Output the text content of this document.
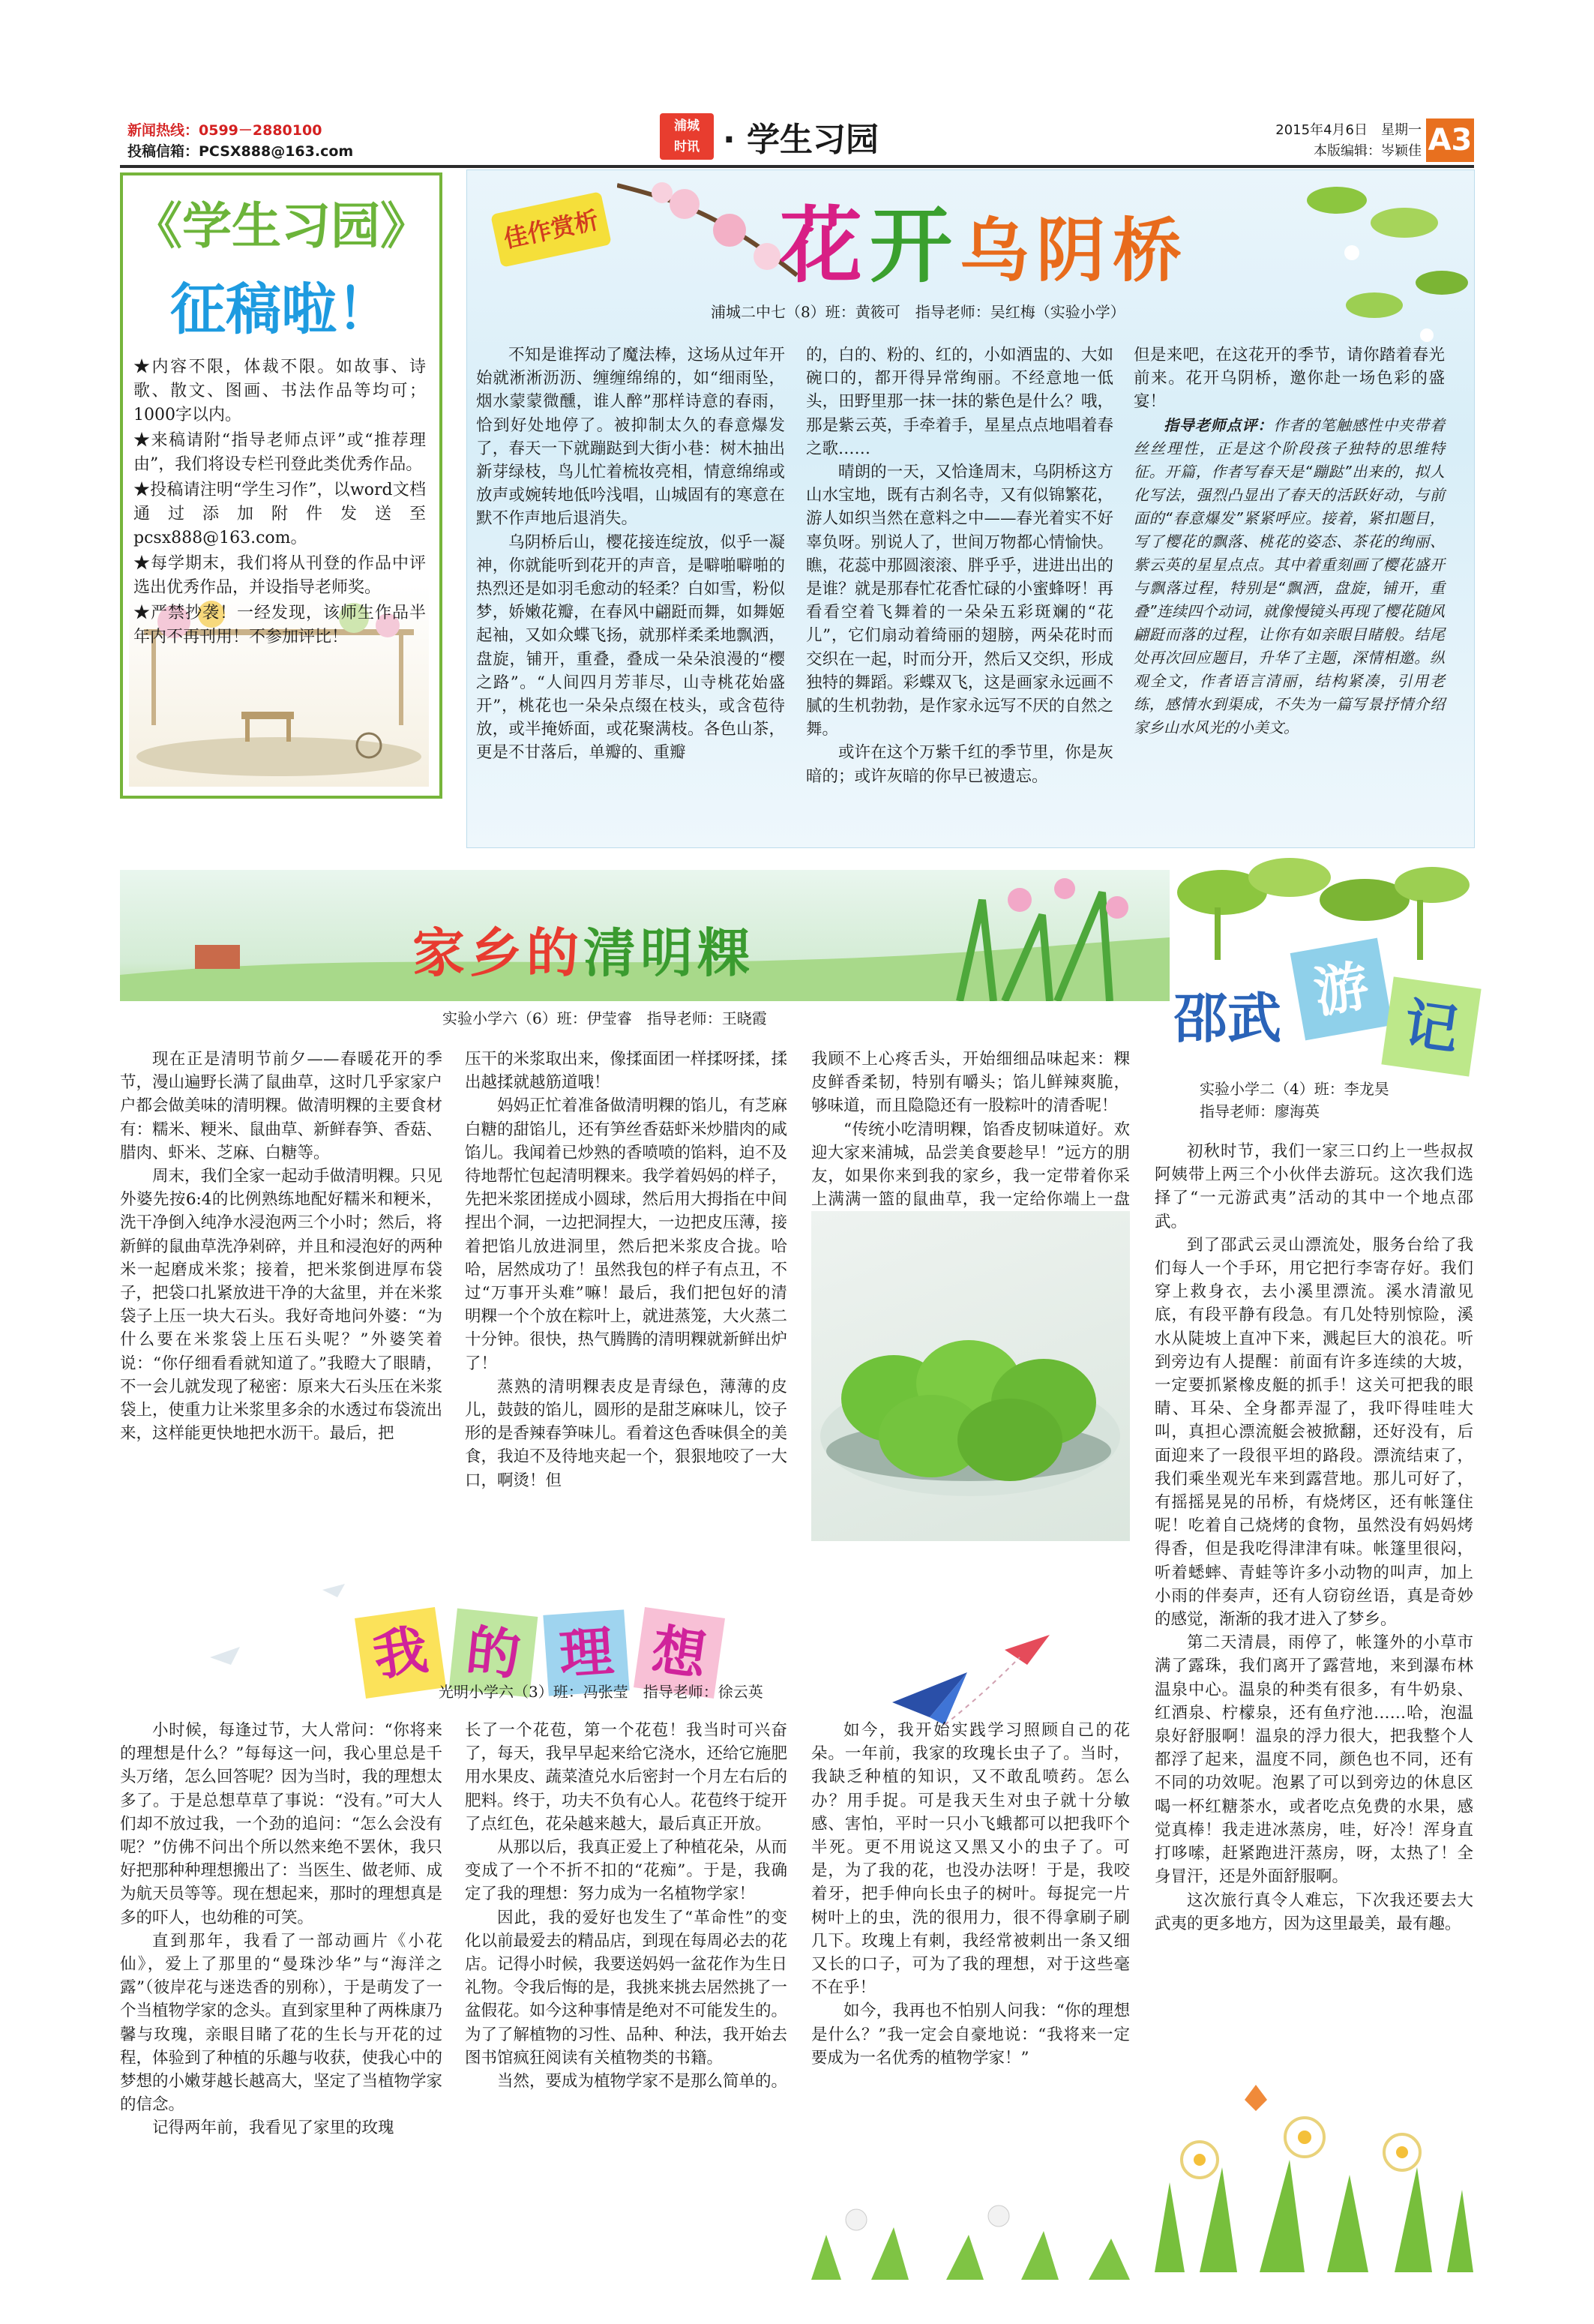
新闻热线：0599－2880100
投稿信箱：PCSX888@163.com
浦城
时讯 · 学生习园	2015年4月6日　星期一
本版编辑：岑颖佳 A3
《学生习园》
征稿啦！

★内容不限，体裁不限。如故事、诗歌、散文、图画、书法作品等均可；1000字以内。

★来稿请附“指导老师点评”或“推荐理由”，我们将设专栏刊登此类优秀作品。

★投稿请注明“学生习作”，以word文档通过添加附件发送至pcsx888@163.com。

★每学期末，我们将从刊登的作品中评选出优秀作品，并设指导老师奖。

★严禁抄袭！一经发现，该师生作品半年内不再刊用！不参加评比！

佳作赏析 花开乌阴桥
浦城二中七（8）班：黄筱可　指导老师：吴红梅（实验小学）

不知是谁挥动了魔法棒，这场从过年开始就淅淅沥沥、缠缠绵绵的，如“细雨坠，烟水蒙蒙微醺，谁人醉”那样诗意的春雨，恰到好处地停了。被抑制太久的春意爆发了，春天一下就蹦跶到大街小巷：树木抽出新芽绿枝，鸟儿忙着梳妆亮相，情意绵绵或放声或婉转地低吟浅唱，山城固有的寒意在默不作声地后退消失。

乌阴桥后山，樱花接连绽放，似乎一凝神，你就能听到花开的声音，是噼啪噼啪的热烈还是如羽毛愈动的轻柔？白如雪，粉似梦，娇嫩花瓣，在春风中翩跹而舞，如舞姬起袖，又如众蝶飞扬，就那样柔柔地飘洒，盘旋，铺开，重叠，叠成一朵朵浪漫的“樱之路”。“人间四月芳菲尽，山寺桃花始盛开”，桃花也一朵朵点缀在枝头，或含苞待放，或半掩娇面，或花聚满枝。各色山茶，更是不甘落后，单瓣的、重瓣

的，白的、粉的、红的，小如酒盅的、大如碗口的，都开得异常绚丽。不经意地一低头，田野里那一抹一抹的紫色是什么？哦，那是紫云英，手牵着手，星星点点地唱着春之歌……

晴朗的一天，又恰逢周末，乌阴桥这方山水宝地，既有古刹名寺，又有似锦繁花，游人如织当然在意料之中——春光着实不好辜负呀。别说人了，世间万物都心情愉快。瞧，花蕊中那圆滚滚、胖乎乎，进进出出的是谁？就是那春忙花香忙碌的小蜜蜂呀！再看看空着飞舞着的一朵朵五彩斑斓的“花儿”，它们扇动着绮丽的翅膀，两朵花时而交织在一起，时而分开，然后又交织，形成独特的舞蹈。彩蝶双飞，这是画家永远画不腻的生机勃勃，是作家永远写不厌的自然之舞。

或许在这个万紫千红的季节里，你是灰暗的；或许灰暗的你早已被遗忘。

但是来吧，在这花开的季节，请你踏着春光前来。花开乌阴桥，邀你赴一场色彩的盛宴！

指导老师点评：作者的笔触感性中夹带着丝丝理性，正是这个阶段孩子独特的思维特征。开篇，作者写春天是“蹦跶”出来的，拟人化写法，强烈凸显出了春天的活跃好动，与前面的“春意爆发”紧紧呼应。接着，紧扣题目，写了樱花的飘落、桃花的姿态、茶花的绚丽、紫云英的星星点点。其中着重刻画了樱花盛开与飘落过程，特别是“飘洒，盘旋，铺开，重叠”连续四个动词，就像慢镜头再现了樱花随风翩跹而落的过程，让你有如亲眼目睹般。结尾处再次回应题目，升华了主题，深情相邀。纵观全文，作者语言清丽，结构紧凑，引用老练，感情水到渠成，不失为一篇写景抒情介绍家乡山水风光的小美文。

家乡的清明粿
实验小学六（6）班：伊莹睿　指导老师：王晓霞

现在正是清明节前夕——春暖花开的季节，漫山遍野长满了鼠曲草，这时几乎家家户户都会做美味的清明粿。做清明粿的主要食材有：糯米、粳米、鼠曲草、新鲜春笋、香菇、腊肉、虾米、芝麻、白糖等。

周末，我们全家一起动手做清明粿。只见外婆先按6:4的比例熟练地配好糯米和粳米，洗干净倒入纯净水浸泡两三个小时；然后，将新鲜的鼠曲草洗净剁碎，并且和浸泡好的两种米一起磨成米浆；接着，把米浆倒进厚布袋子，把袋口扎紧放进干净的大盆里，并在米浆袋子上压一块大石头。我好奇地问外婆：“为什么要在米浆袋上压石头呢？”外婆笑着说：“你仔细看看就知道了。”我瞪大了眼睛，不一会儿就发现了秘密：原来大石头压在米浆袋上，使重力让米浆里多余的水透过布袋流出来，这样能更快地把水沥干。最后，把

压干的米浆取出来，像揉面团一样揉呀揉，揉出越揉就越筋道哦！

妈妈正忙着准备做清明粿的馅儿，有芝麻白糖的甜馅儿，还有笋丝香菇虾米炒腊肉的咸馅儿。我闻着已炒熟的香喷喷的馅料，迫不及待地帮忙包起清明粿来。我学着妈妈的样子，先把米浆团搓成小圆球，然后用大拇指在中间捏出个洞，一边把洞捏大，一边把皮压薄，接着把馅儿放进洞里，然后把米浆皮合拢。哈哈，居然成功了！虽然我包的样子有点丑，不过“万事开头难”嘛！最后，我们把包好的清明粿一个个放在粽叶上，就进蒸笼，大火蒸二十分钟。很快，热气腾腾的清明粿就新鲜出炉了！

蒸熟的清明粿表皮是青绿色，薄薄的皮儿，鼓鼓的馅儿，圆形的是甜芝麻味儿，饺子形的是香辣春笋味儿。看着这色香味俱全的美食，我迫不及待地夹起一个，狠狠地咬了一大口，啊烫！但

我顾不上心疼舌头，开始细细品味起来：粿皮鲜香柔韧，特别有嚼头；馅儿鲜辣爽脆，够味道，而且隐隐还有一股粽叶的清香呢！

“传统小吃清明粿，馅香皮韧味道好。欢迎大家来浦城，品尝美食要趁早！”远方的朋友，如果你来到我的家乡，我一定带着你采上满满一篮的鼠曲草，我一定给你端上一盘

游
记
邵武
实验小学二（4）班：李龙昊
指导老师：廖海英

初秋时节，我们一家三口约上一些叔叔阿姨带上两三个小伙伴去游玩。这次我们选择了“一元游武夷”活动的其中一个地点邵武。

到了邵武云灵山漂流处，服务台给了我们每人一个手环，用它把行李寄存好。我们穿上救身衣，去小溪里漂流。溪水清澈见底，有段平静有段急。有几处特别惊险，溪水从陡坡上直冲下来，溅起巨大的浪花。听到旁边有人提醒：前面有许多连续的大坡，一定要抓紧橡皮艇的抓手！这关可把我的眼睛、耳朵、全身都弄湿了，我吓得哇哇大叫，真担心漂流艇会被掀翻，还好没有，后面迎来了一段很平坦的路段。漂流结束了，我们乘坐观光车来到露营地。那儿可好了，有摇摇晃晃的吊桥，有烧烤区，还有帐篷住呢！吃着自己烧烤的食物，虽然没有妈妈烤得香，但是我吃得津津有味。帐篷里很闷，听着蟋蟀、青蛙等许多小动物的叫声，加上小雨的伴奏声，还有人窃窃丝语，真是奇妙的感觉，渐渐的我才进入了梦乡。

第二天清晨，雨停了，帐篷外的小草市满了露珠，我们离开了露营地，来到瀑布林温泉中心。温泉的种类有很多，有牛奶泉、红酒泉、柠檬泉，还有鱼疗池……哈，泡温泉好舒服啊！温泉的浮力很大，把我整个人都浮了起来，温度不同，颜色也不同，还有不同的功效呢。泡累了可以到旁边的休息区喝一杯红糖茶水，或者吃点免费的水果，感觉真棒！我走进冰蒸房，哇，好冷！浑身直打哆嗦，赶紧跑进汗蒸房，呀，太热了！全身冒汗，还是外面舒服啊。

这次旅行真令人难忘，下次我还要去大武夷的更多地方，因为这里最美，最有趣。

我 的 理 想
光明小学六（3）班：冯张莹　指导老师：徐云英

小时候，每逢过节，大人常问：“你将来的理想是什么？”每每这一问，我心里总是千头万绪，怎么回答呢？因为当时，我的理想太多了。于是总想草草了事说：“没有。”可大人们却不放过我，一个劲的追问：“怎么会没有呢？”仿佛不问出个所以然来绝不罢休，我只好把那种种理想搬出了：当医生、做老师、成为航天员等等。现在想起来，那时的理想真是多的吓人，也幼稚的可笑。

直到那年，我看了一部动画片《小花仙》，爱上了那里的“曼珠沙华”与“海洋之露”（彼岸花与迷迭香的别称），于是萌发了一个当植物学家的念头。直到家里种了两株康乃馨与玫瑰，亲眼目睹了花的生长与开花的过程，体验到了种植的乐趣与收获，使我心中的梦想的小嫩芽越长越高大，坚定了当植物学家的信念。

记得两年前，我看见了家里的玫瑰

长了一个花苞，第一个花苞！我当时可兴奋了，每天，我早早起来给它浇水，还给它施肥用水果皮、蔬菜渣兑水后密封一个月左右后的肥料。终于，功夫不负有心人。花苞终于绽开了点红色，花朵越来越大，最后真正开放。

从那以后，我真正爱上了种植花朵，从而变成了一个不折不扣的“花痴”。于是，我确定了我的理想：努力成为一名植物学家！

因此，我的爱好也发生了“革命性”的变化以前最爱去的精品店，到现在每周必去的花店。记得小时候，我要送妈妈一盆花作为生日礼物。令我后悔的是，我挑来挑去居然挑了一盆假花。如今这种事情是绝对不可能发生的。为了了解植物的习性、品种、种法，我开始去图书馆疯狂阅读有关植物类的书籍。

当然，要成为植物学家不是那么简单的。

如今，我开始实践学习照顾自己的花朵。一年前，我家的玫瑰长虫子了。当时，我缺乏种植的知识，又不敢乱喷药。怎么办？用手捉。可是我天生对虫子就十分敏感、害怕，平时一只小飞蛾都可以把我吓个半死。更不用说这又黑又小的虫子了。可是，为了我的花，也没办法呀！于是，我咬着牙，把手伸向长虫子的树叶。每捉完一片树叶上的虫，洗的很用力，很不得拿刷子刷几下。玫瑰上有刺，我经常被刺出一条又细又长的口子，可为了我的理想，对于这些毫不在乎！

如今，我再也不怕别人问我：“你的理想是什么？”我一定会自豪地说：“我将来一定要成为一名优秀的植物学家！”
